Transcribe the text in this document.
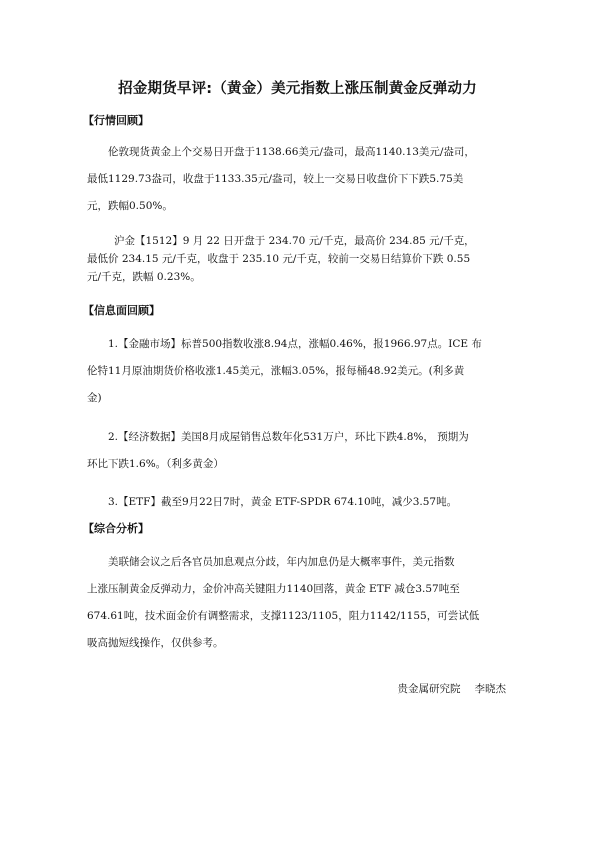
招金期货早评:（黄金）美元指数上涨压制黄金反弹动力
【行情回顾】
伦敦现货黄金上个交易日开盘于1138.66美元/盎司，最高1140.13美元/盎司，
最低1129.73盎司，收盘于1133.35元/盎司，较上一交易日收盘价下下跌5.75美
元，跌幅0.50%。
沪金【1512】9 月 22 日开盘于 234.70 元/千克，最高价 234.85 元/千克，
最低价 234.15 元/千克，收盘于 235.10 元/千克，较前一交易日结算价下跌 0.55
元/千克，跌幅 0.23%。
【信息面回顾】
1.【金融市场】标普500指数收涨8.94点，涨幅0.46%，报1966.97点。ICE 布
伦特11月原油期货价格收涨1.45美元，涨幅3.05%，报每桶48.92美元。(利多黄
金)
2.【经济数据】美国8月成屋销售总数年化531万户，环比下跌4.8%， 预期为
环比下跌1.6%。（利多黄金）
3.【ETF】截至9月22日7时，黄金 ETF-SPDR 674.10吨，减少3.57吨。
【综合分析】
美联储会议之后各官员加息观点分歧，年内加息仍是大概率事件，美元指数
上涨压制黄金反弹动力，金价冲高关键阻力1140回落，黄金 ETF 减仓3.57吨至
674.61吨，技术面金价有调整需求，支撑1123/1105，阻力1142/1155，可尝试低
吸高抛短线操作，仅供参考。
贵金属研究院 李晓杰
